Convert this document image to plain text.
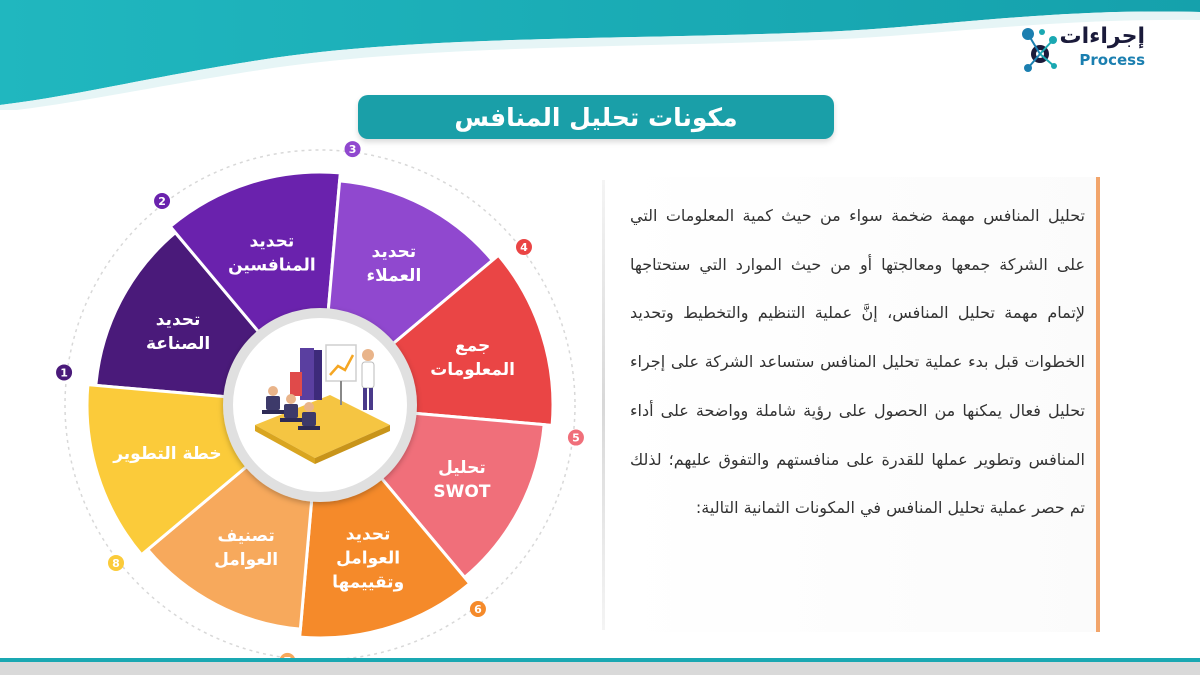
إجراءات
Process
مكونات تحليل المنافس
تحديد الصناعة
تحديد المنافسين
تحديد العملاء
جمع المعلومات
تحليل SWOT
تحديد العوامل وتقييمها
تصنيف العوامل
خطة التطوير
1
2
3
4
5
6
8

تحليل المنافس مهمة ضخمة سواء من حيث كمية المعلومات التي على الشركة جمعها ومعالجتها أو من حيث الموارد التي ستحتاجها لإتمام مهمة تحليل المنافس، إنَّ عملية التنظيم والتخطيط وتحديد الخطوات قبل بدء عملية تحليل المنافس ستساعد الشركة على إجراء تحليل فعال يمكنها من الحصول على رؤية شاملة وواضحة على أداء المنافس وتطوير عملها للقدرة على منافستهم والتفوق عليهم؛ لذلك تم حصر عملية تحليل المنافس في المكونات الثمانية التالية:
